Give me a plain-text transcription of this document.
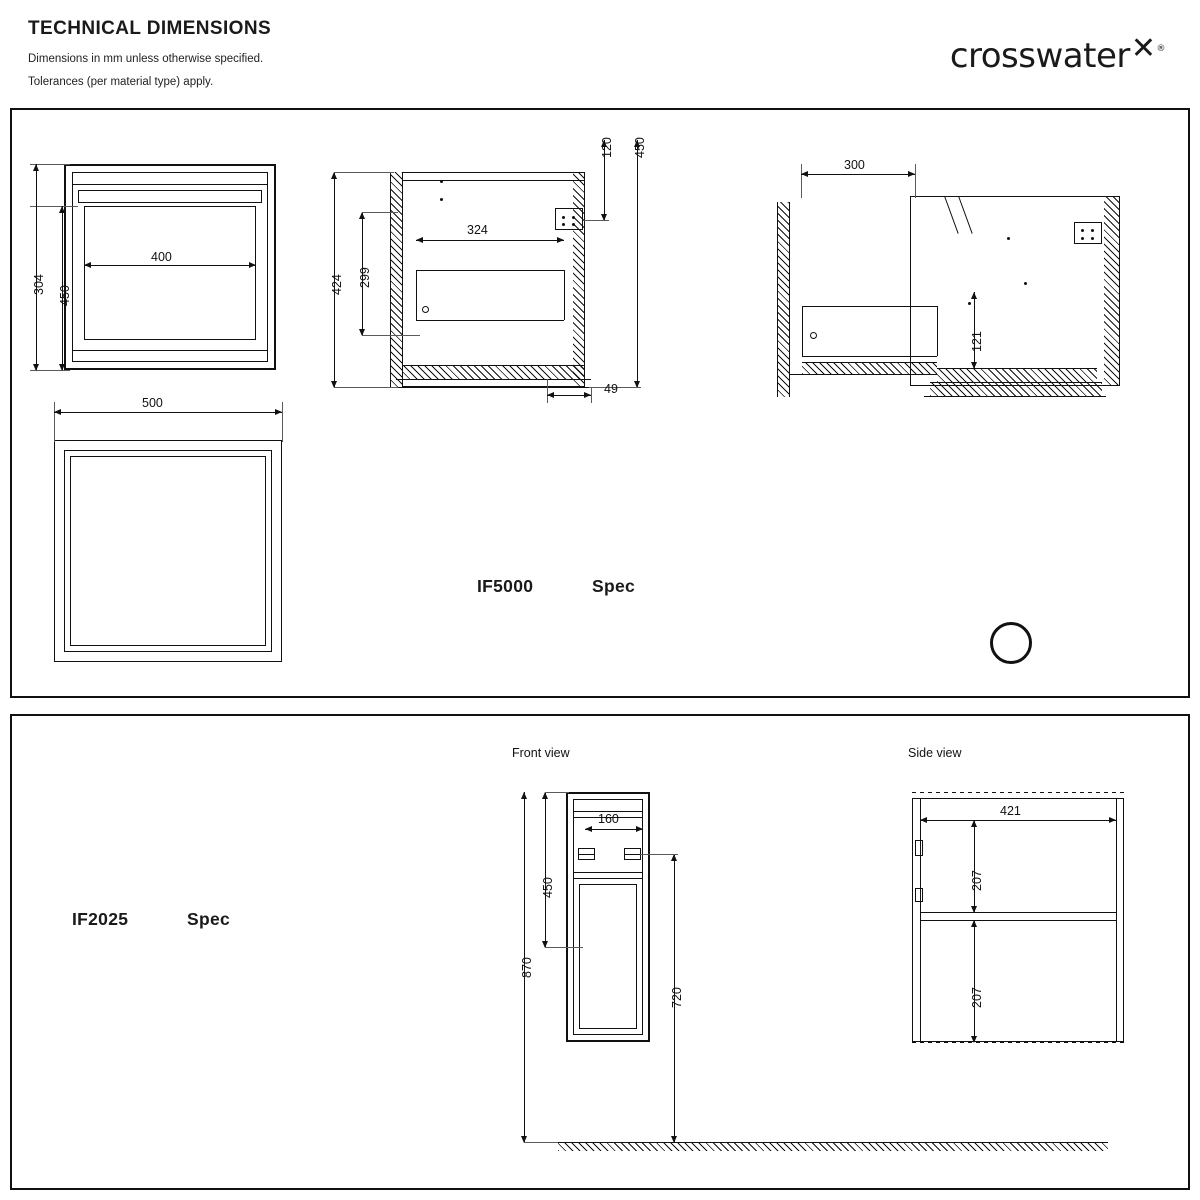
TECHNICAL DIMENSIONS
Dimensions in mm unless otherwise specified.
Tolerances (per material type) apply.
crosswater✕®
304
450
400
500
424 299
324
120 450
49
300
121
IF5000	Spec
Front view	Side view
IF2025	Spec
160
450
870
720
421
207
207
